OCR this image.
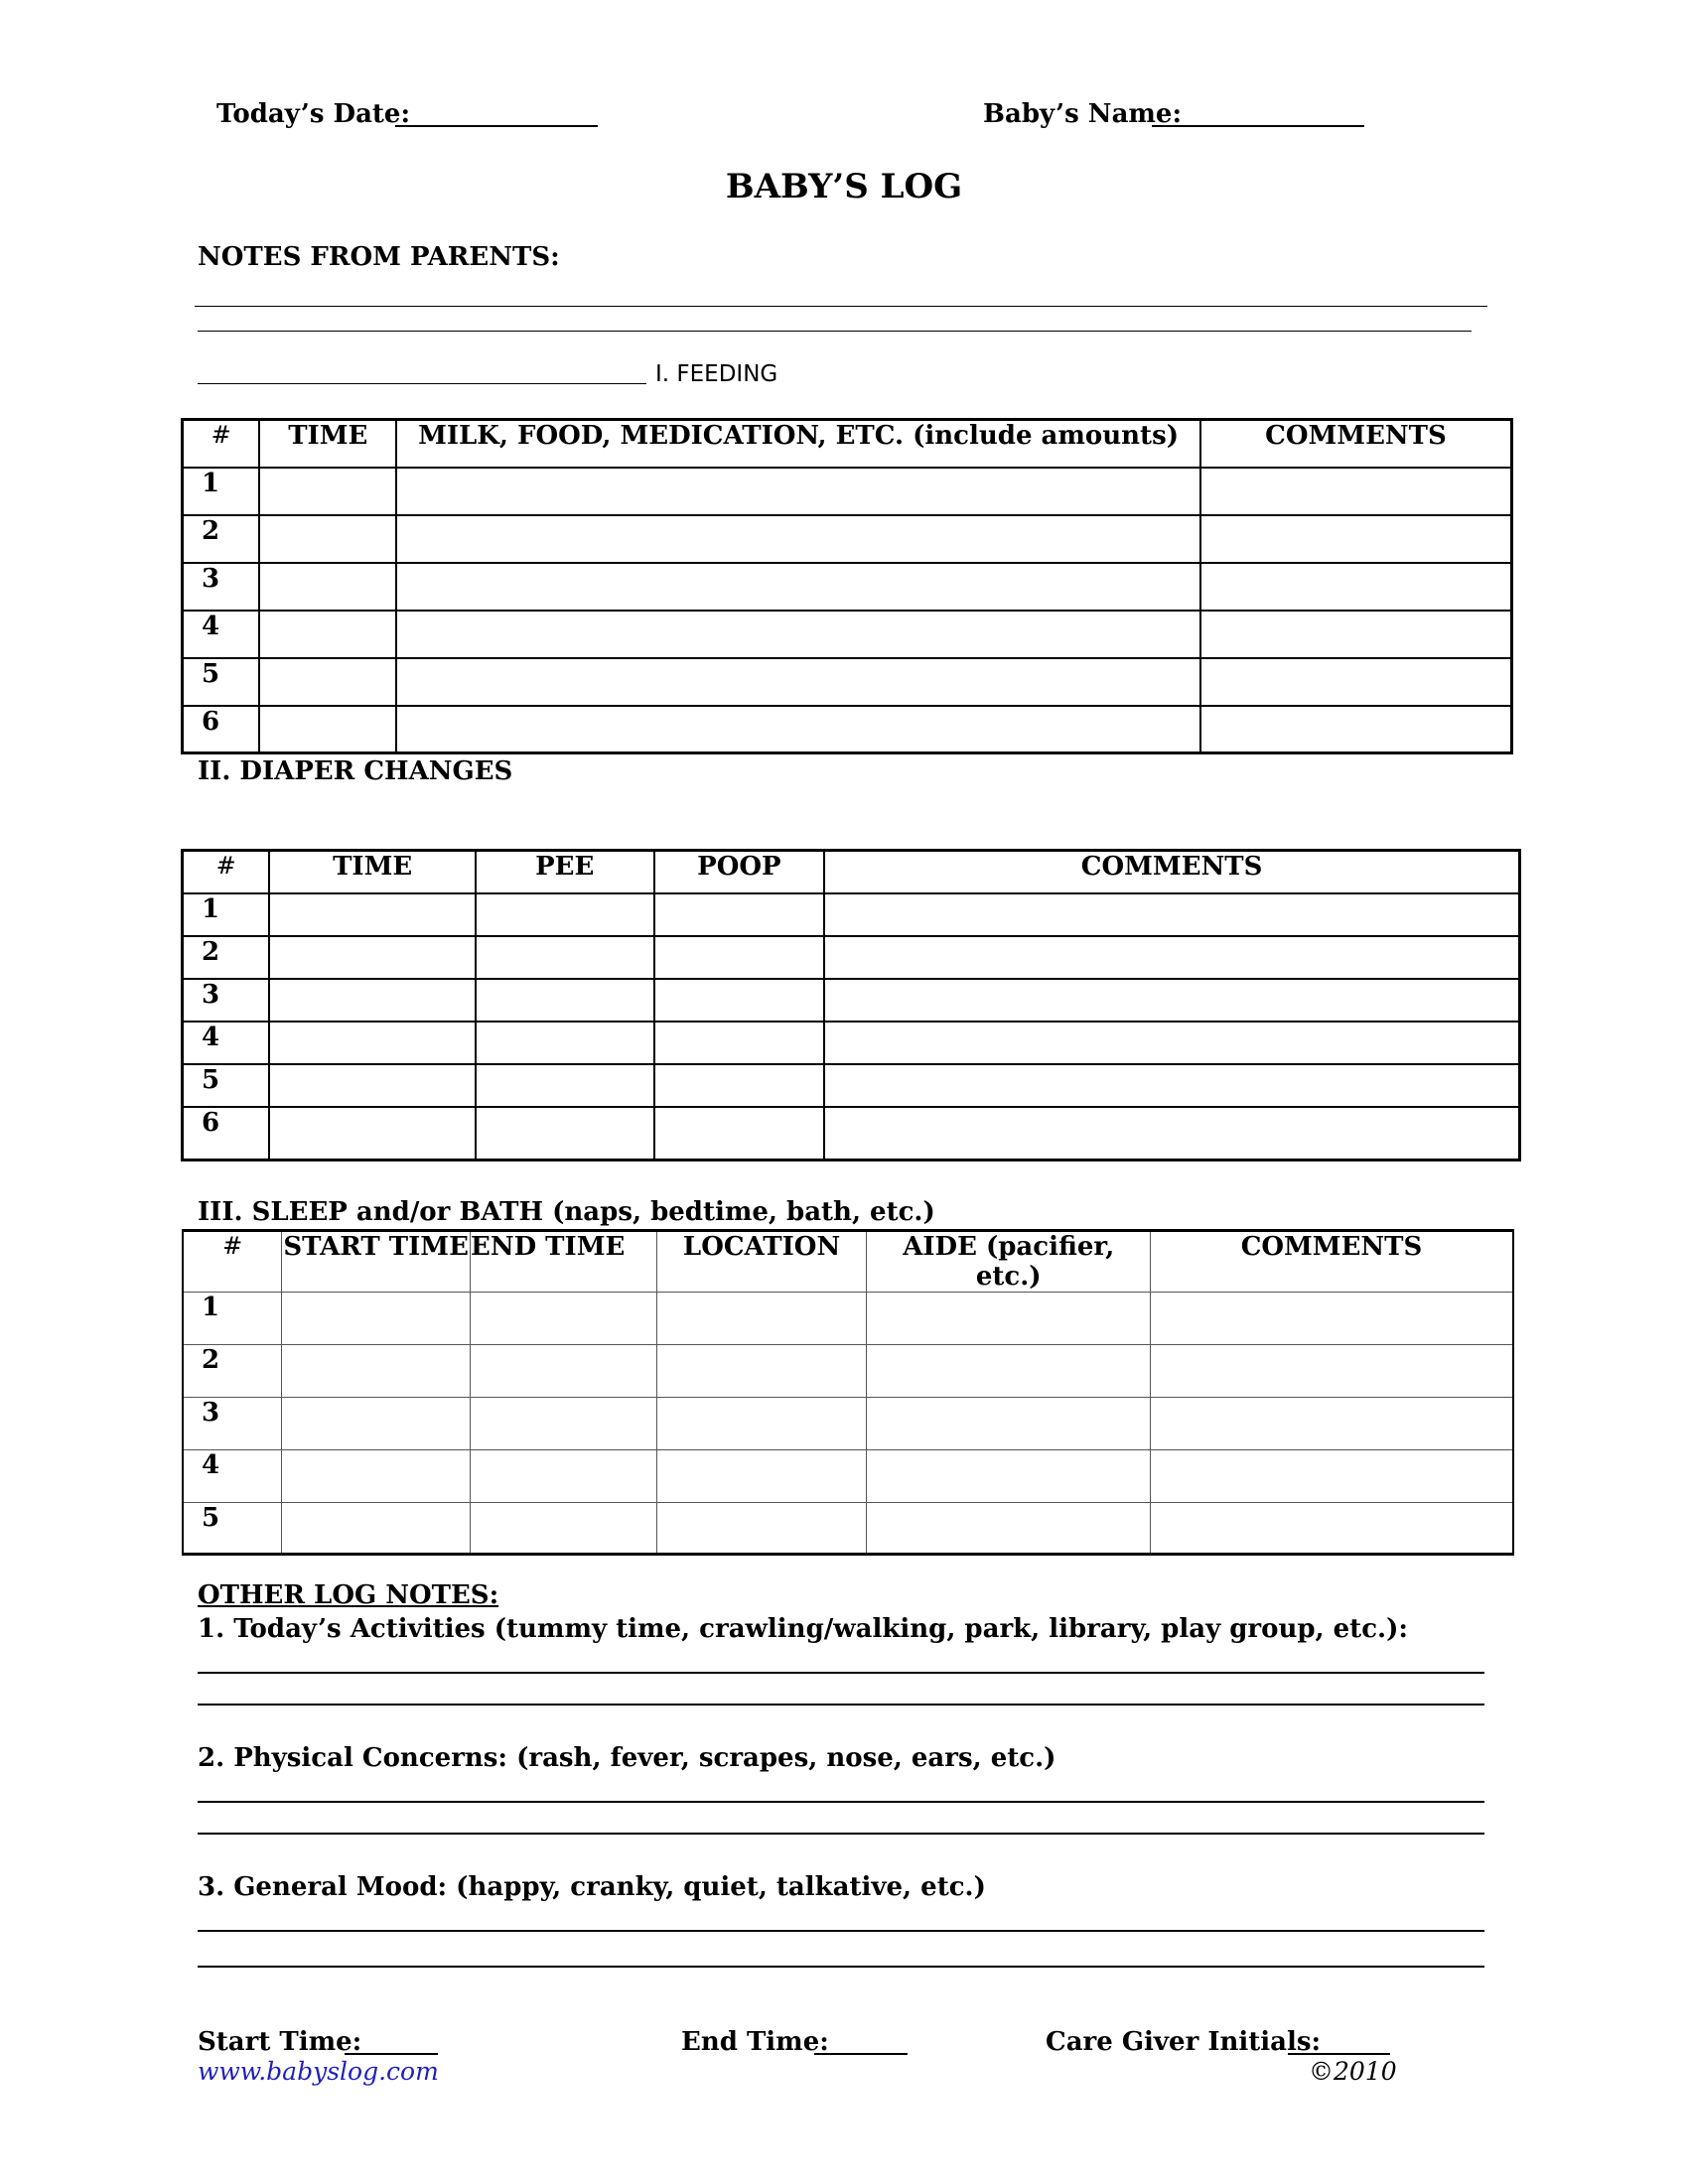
Today’s Date:	Baby’s Name:
BABY’S LOG
NOTES FROM PARENTS:
I. FEEDING
#	TIME	MILK, FOOD, MEDICATION, ETC. (include amounts)	COMMENTS
1			
2			
3			
4			
5			
6			
II. DIAPER CHANGES
#	TIME	PEE	POOP	COMMENTS
1				
2				
3				
4				
5				
6				
III. SLEEP and/or BATH (naps, bedtime, bath, etc.)
#	START TIME	END TIME	LOCATION	AIDE (pacifier, etc.)	COMMENTS
1					
2					
3					
4					
5					
OTHER LOG NOTES:
1. Today’s Activities (tummy time, crawling/walking, park, library, play group, etc.):
2. Physical Concerns: (rash, fever, scrapes, nose, ears, etc.)
3. General Mood: (happy, cranky, quiet, talkative, etc.)
Start Time:	End Time:	Care Giver Initials:
www.babyslog.com	©2010
